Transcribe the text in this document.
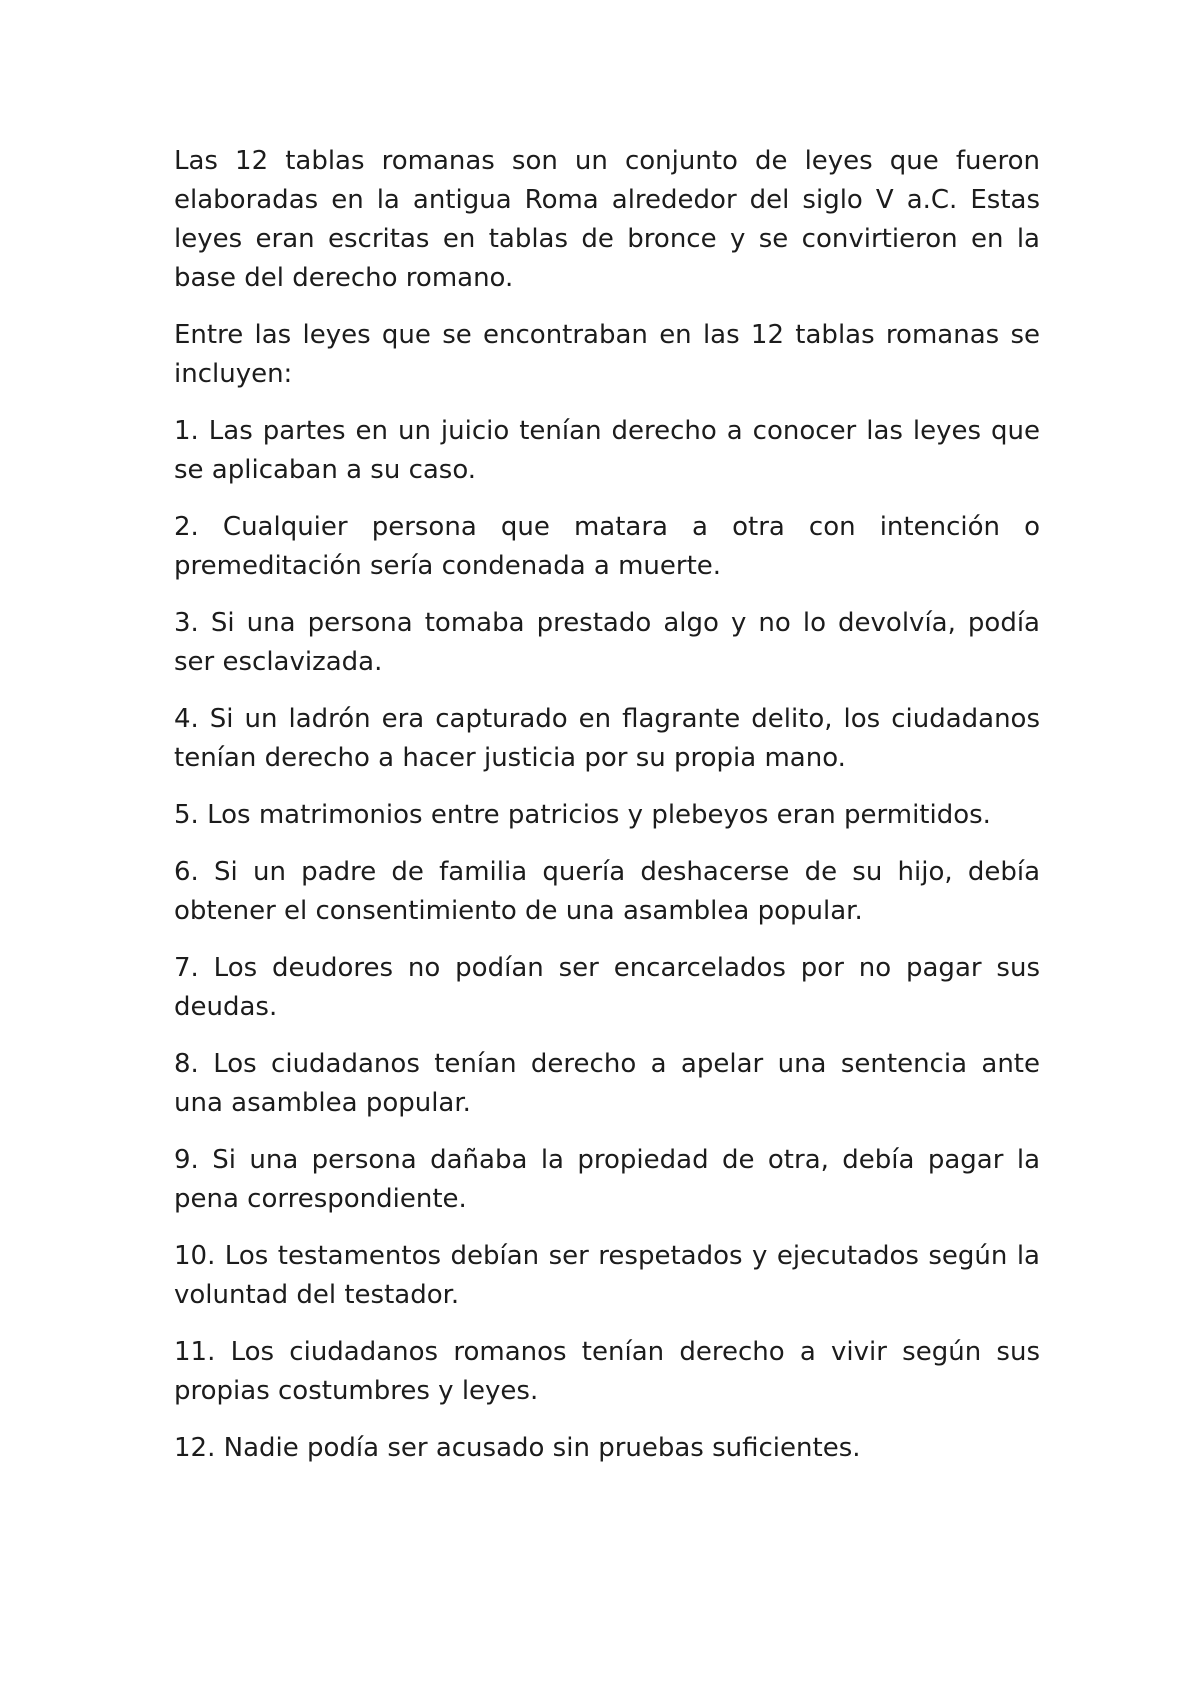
Las 12 tablas romanas son un conjunto de leyes que fueron elaboradas en la antigua Roma alrededor del siglo V a.C. Estas leyes eran escritas en tablas de bronce y se convirtieron en la base del derecho romano.

Entre las leyes que se encontraban en las 12 tablas romanas se incluyen:

1. Las partes en un juicio tenían derecho a conocer las leyes que se aplicaban a su caso.

2. Cualquier persona que matara a otra con intención o premeditación sería condenada a muerte.

3. Si una persona tomaba prestado algo y no lo devolvía, podía ser esclavizada.

4. Si un ladrón era capturado en flagrante delito, los ciudadanos tenían derecho a hacer justicia por su propia mano.

5. Los matrimonios entre patricios y plebeyos eran permitidos.

6. Si un padre de familia quería deshacerse de su hijo, debía obtener el consentimiento de una asamblea popular.

7. Los deudores no podían ser encarcelados por no pagar sus deudas.

8. Los ciudadanos tenían derecho a apelar una sentencia ante una asamblea popular.

9. Si una persona dañaba la propiedad de otra, debía pagar la pena correspondiente.

10. Los testamentos debían ser respetados y ejecutados según la voluntad del testador.

11. Los ciudadanos romanos tenían derecho a vivir según sus propias costumbres y leyes.

12. Nadie podía ser acusado sin pruebas suficientes.
